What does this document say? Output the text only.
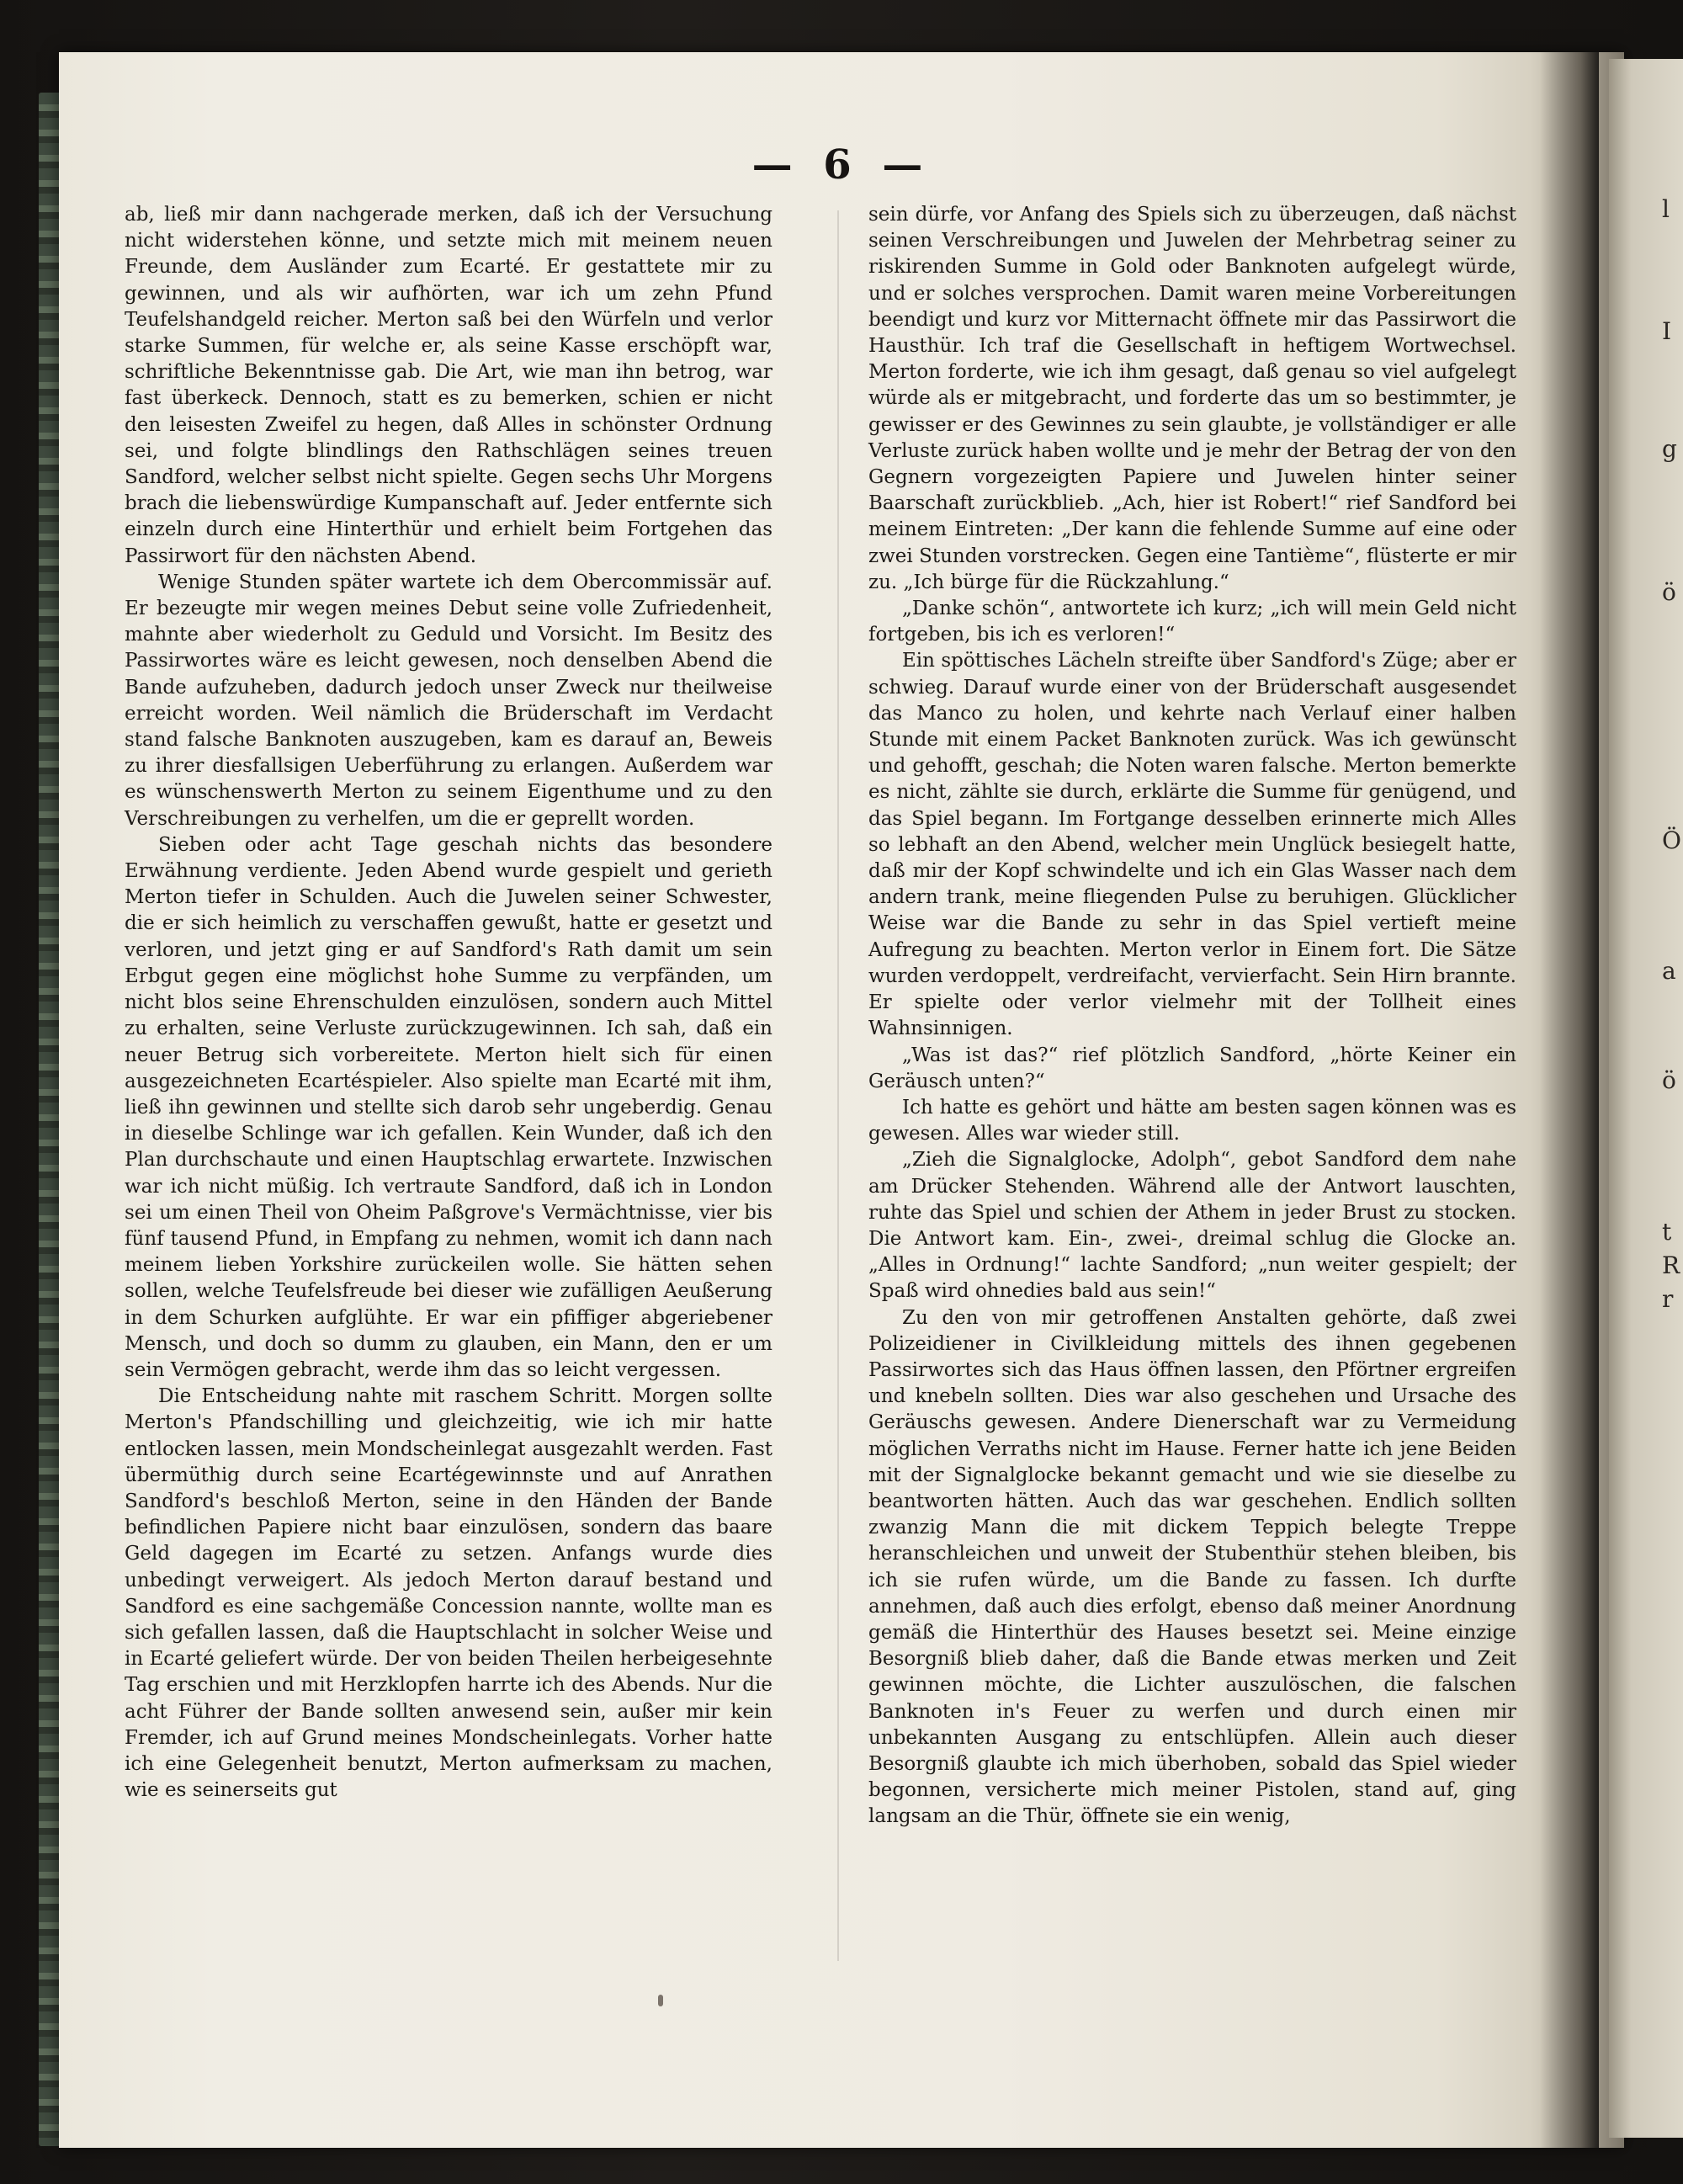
l
I
g
ö
Ö
a
ö
t
R
r
— 6 —

ab, ließ mir dann nachgerade merken, daß ich der Versuchung nicht widerstehen könne, und setzte mich mit meinem neuen Freunde, dem Ausländer zum Ecarté. Er gestattete mir zu gewinnen, und als wir aufhörten, war ich um zehn Pfund Teufelshandgeld reicher. Merton saß bei den Würfeln und verlor starke Summen, für welche er, als seine Kasse erschöpft war, schriftliche Bekenntnisse gab. Die Art, wie man ihn betrog, war fast überkeck. Dennoch, statt es zu bemerken, schien er nicht den leisesten Zweifel zu hegen, daß Alles in schönster Ordnung sei, und folgte blindlings den Rathschlägen seines treuen Sandford, welcher selbst nicht spielte. Gegen sechs Uhr Morgens brach die liebenswürdige Kumpanschaft auf. Jeder entfernte sich einzeln durch eine Hinterthür und erhielt beim Fortgehen das Passirwort für den nächsten Abend.

Wenige Stunden später wartete ich dem Obercommissär auf. Er bezeugte mir wegen meines Debut seine volle Zufriedenheit, mahnte aber wiederholt zu Geduld und Vorsicht. Im Besitz des Passirwortes wäre es leicht gewesen, noch denselben Abend die Bande aufzuheben, dadurch jedoch unser Zweck nur theilweise erreicht worden. Weil nämlich die Brüderschaft im Verdacht stand falsche Banknoten auszugeben, kam es darauf an, Beweis zu ihrer diesfallsigen Ueberführung zu erlangen. Außerdem war es wünschenswerth Merton zu seinem Eigenthume und zu den Verschreibungen zu verhelfen, um die er geprellt worden.

Sieben oder acht Tage geschah nichts das besondere Erwähnung verdiente. Jeden Abend wurde gespielt und gerieth Merton tiefer in Schulden. Auch die Juwelen seiner Schwester, die er sich heimlich zu verschaffen gewußt, hatte er gesetzt und verloren, und jetzt ging er auf Sandford's Rath damit um sein Erbgut gegen eine möglichst hohe Summe zu verpfänden, um nicht blos seine Ehrenschulden einzulösen, sondern auch Mittel zu erhalten, seine Verluste zurückzugewinnen. Ich sah, daß ein neuer Betrug sich vorbereitete. Merton hielt sich für einen ausgezeichneten Ecartéspieler. Also spielte man Ecarté mit ihm, ließ ihn gewinnen und stellte sich darob sehr ungeberdig. Genau in dieselbe Schlinge war ich gefallen. Kein Wunder, daß ich den Plan durchschaute und einen Hauptschlag erwartete. Inzwischen war ich nicht müßig. Ich vertraute Sandford, daß ich in London sei um einen Theil von Oheim Paßgrove's Vermächtnisse, vier bis fünf tausend Pfund, in Empfang zu nehmen, womit ich dann nach meinem lieben Yorkshire zurückeilen wolle. Sie hätten sehen sollen, welche Teufelsfreude bei dieser wie zufälligen Aeußerung in dem Schurken aufglühte. Er war ein pfiffiger abgeriebener Mensch, und doch so dumm zu glauben, ein Mann, den er um sein Vermögen gebracht, werde ihm das so leicht vergessen.

Die Entscheidung nahte mit raschem Schritt. Morgen sollte Merton's Pfandschilling und gleichzeitig, wie ich mir hatte entlocken lassen, mein Mondscheinlegat ausgezahlt werden. Fast übermüthig durch seine Ecartégewinnste und auf Anrathen Sandford's beschloß Merton, seine in den Händen der Bande befindlichen Papiere nicht baar einzulösen, sondern das baare Geld dagegen im Ecarté zu setzen. Anfangs wurde dies unbedingt verweigert. Als jedoch Merton darauf bestand und Sandford es eine sachgemäße Concession nannte, wollte man es sich gefallen lassen, daß die Hauptschlacht in solcher Weise und in Ecarté geliefert würde. Der von beiden Theilen herbeigesehnte Tag erschien und mit Herzklopfen harrte ich des Abends. Nur die acht Führer der Bande sollten anwesend sein, außer mir kein Fremder, ich auf Grund meines Mondscheinlegats. Vorher hatte ich eine Gelegenheit benutzt, Merton aufmerksam zu machen, wie es seinerseits gut

sein dürfe, vor Anfang des Spiels sich zu überzeugen, daß nächst seinen Verschreibungen und Juwelen der Mehrbetrag seiner zu riskirenden Summe in Gold oder Banknoten aufgelegt würde, und er solches versprochen. Damit waren meine Vorbereitungen beendigt und kurz vor Mitternacht öffnete mir das Passirwort die Hausthür. Ich traf die Gesellschaft in heftigem Wortwechsel. Merton forderte, wie ich ihm gesagt, daß genau so viel aufgelegt würde als er mitgebracht, und forderte das um so bestimmter, je gewisser er des Gewinnes zu sein glaubte, je vollständiger er alle Verluste zurück haben wollte und je mehr der Betrag der von den Gegnern vorgezeigten Papiere und Juwelen hinter seiner Baarschaft zurückblieb. „Ach, hier ist Robert!“ rief Sandford bei meinem Eintreten: „Der kann die fehlende Summe auf eine oder zwei Stunden vorstrecken. Gegen eine Tantième“, flüsterte er mir zu. „Ich bürge für die Rückzahlung.“

„Danke schön“, antwortete ich kurz; „ich will mein Geld nicht fortgeben, bis ich es verloren!“

Ein spöttisches Lächeln streifte über Sandford's Züge; aber er schwieg. Darauf wurde einer von der Brüderschaft ausgesendet das Manco zu holen, und kehrte nach Verlauf einer halben Stunde mit einem Packet Banknoten zurück. Was ich gewünscht und gehofft, geschah; die Noten waren falsche. Merton bemerkte es nicht, zählte sie durch, erklärte die Summe für genügend, und das Spiel begann. Im Fortgange desselben erinnerte mich Alles so lebhaft an den Abend, welcher mein Unglück besiegelt hatte, daß mir der Kopf schwindelte und ich ein Glas Wasser nach dem andern trank, meine fliegenden Pulse zu beruhigen. Glücklicher Weise war die Bande zu sehr in das Spiel vertieft meine Aufregung zu beachten. Merton verlor in Einem fort. Die Sätze wurden verdoppelt, verdreifacht, vervierfacht. Sein Hirn brannte. Er spielte oder verlor vielmehr mit der Tollheit eines Wahnsinnigen.

„Was ist das?“ rief plötzlich Sandford, „hörte Keiner ein Geräusch unten?“

Ich hatte es gehört und hätte am besten sagen können was es gewesen. Alles war wieder still.

„Zieh die Signalglocke, Adolph“, gebot Sandford dem nahe am Drücker Stehenden. Während alle der Antwort lauschten, ruhte das Spiel und schien der Athem in jeder Brust zu stocken. Die Antwort kam. Ein-, zwei-, dreimal schlug die Glocke an. „Alles in Ordnung!“ lachte Sandford; „nun weiter gespielt; der Spaß wird ohnedies bald aus sein!“

Zu den von mir getroffenen Anstalten gehörte, daß zwei Polizeidiener in Civilkleidung mittels des ihnen gegebenen Passirwortes sich das Haus öffnen lassen, den Pförtner ergreifen und knebeln sollten. Dies war also geschehen und Ursache des Geräuschs gewesen. Andere Dienerschaft war zu Vermeidung möglichen Verraths nicht im Hause. Ferner hatte ich jene Beiden mit der Signalglocke bekannt gemacht und wie sie dieselbe zu beantworten hätten. Auch das war geschehen. Endlich sollten zwanzig Mann die mit dickem Teppich belegte Treppe heranschleichen und unweit der Stubenthür stehen bleiben, bis ich sie rufen würde, um die Bande zu fassen. Ich durfte annehmen, daß auch dies erfolgt, ebenso daß meiner Anordnung gemäß die Hinterthür des Hauses besetzt sei. Meine einzige Besorgniß blieb daher, daß die Bande etwas merken und Zeit gewinnen möchte, die Lichter auszulöschen, die falschen Banknoten in's Feuer zu werfen und durch einen mir unbekannten Ausgang zu entschlüpfen. Allein auch dieser Besorgniß glaubte ich mich überhoben, sobald das Spiel wieder begonnen, versicherte mich meiner Pistolen, stand auf, ging langsam an die Thür, öffnete sie ein wenig,
